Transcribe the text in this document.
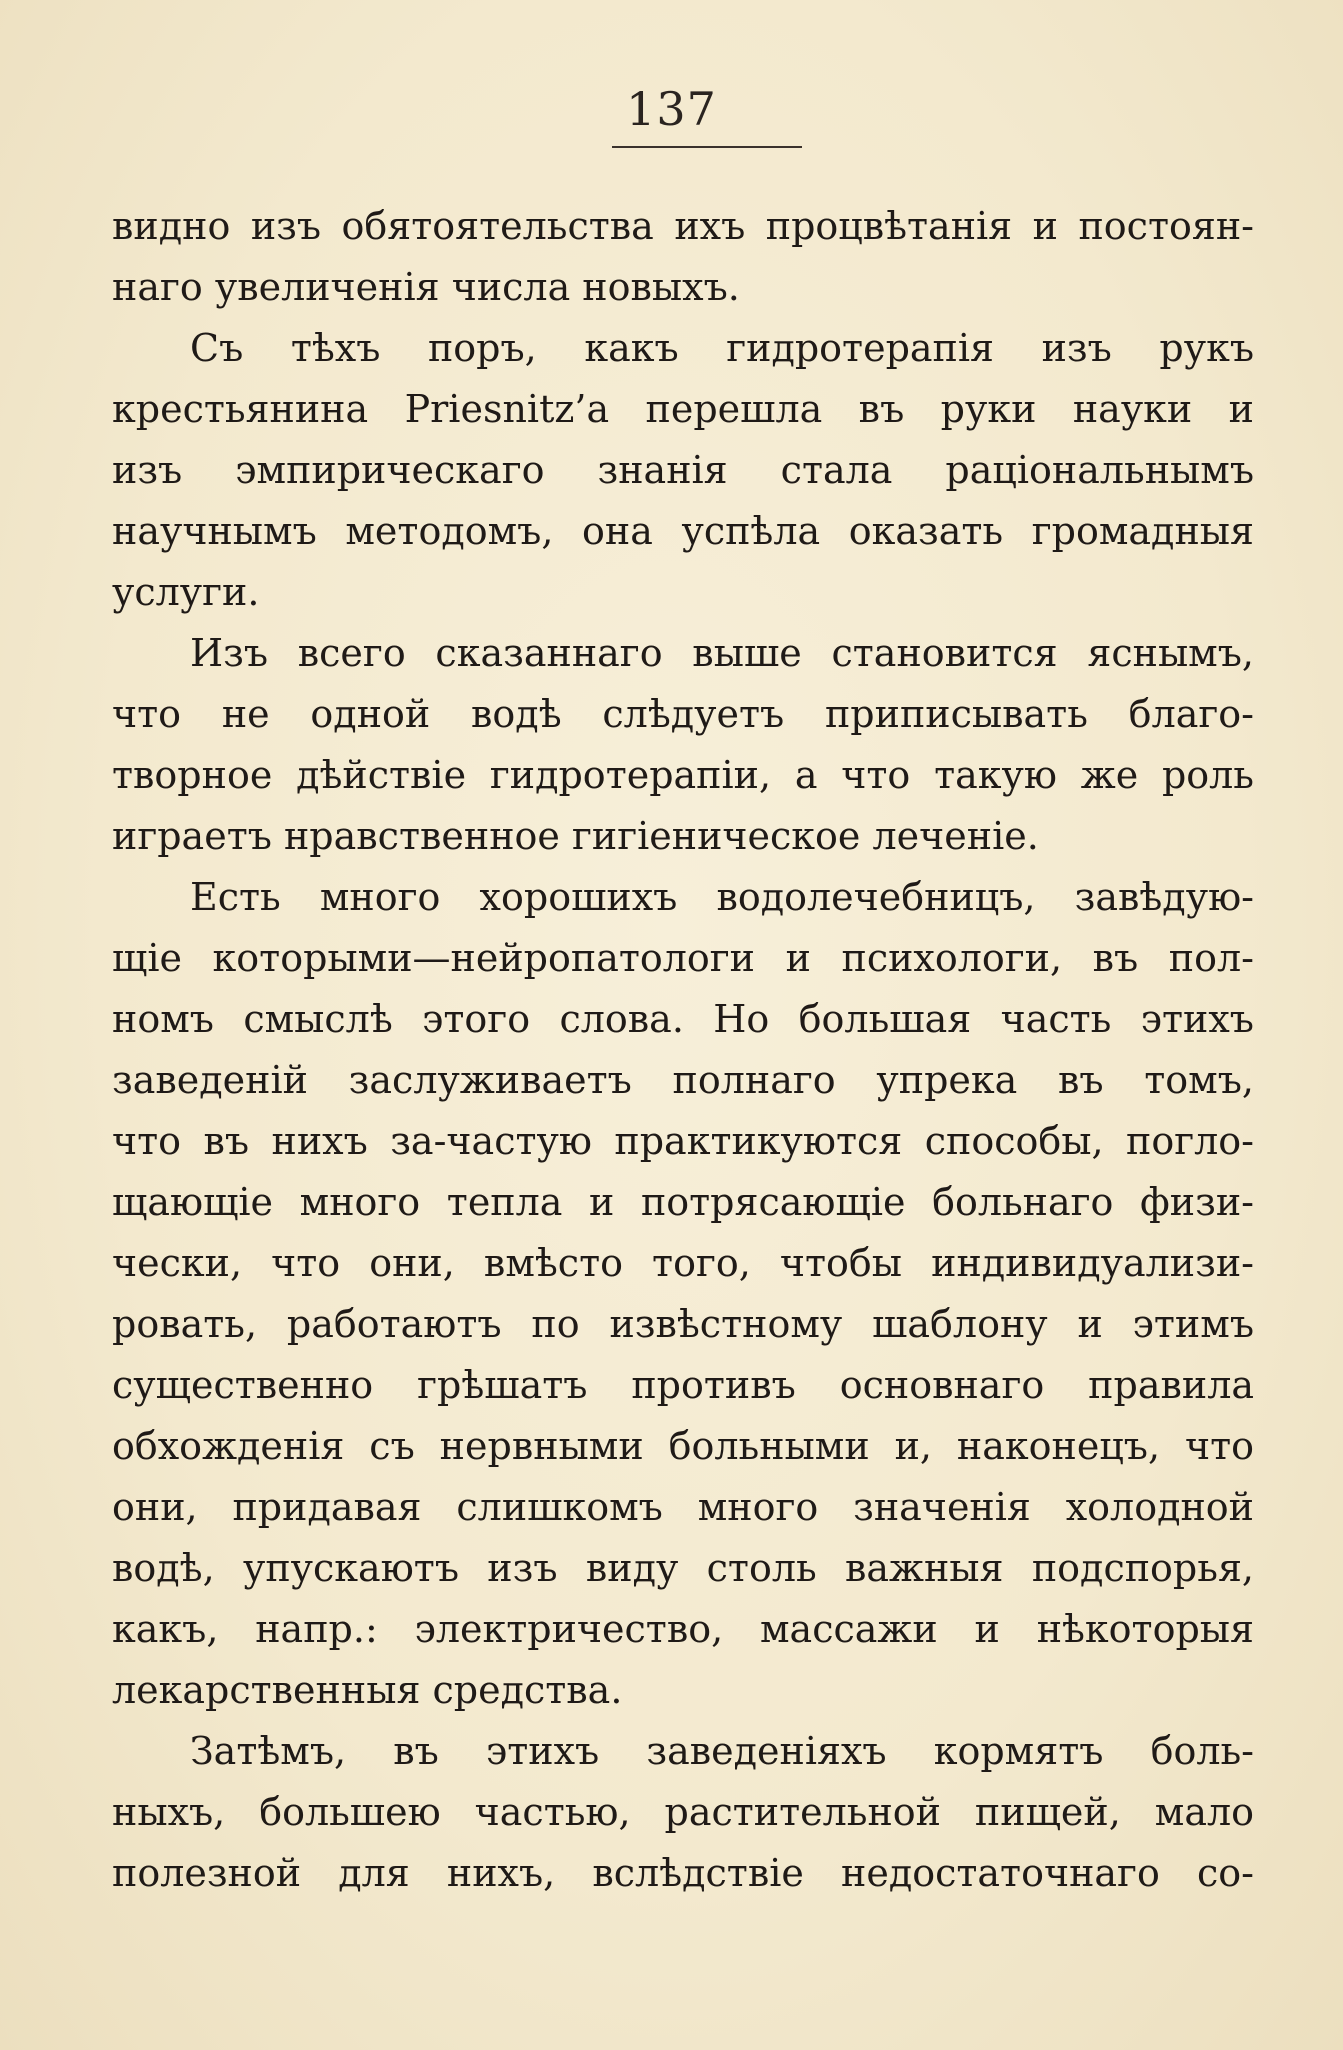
137
видно изъ обятоятельства ихъ процвѣтанія и постоян-
наго увеличенія числа новыхъ.
Съ тѣхъ поръ, какъ гидротерапія изъ рукъ
крестьянина Priesnitz’a перешла въ руки науки и
изъ эмпирическаго знанія стала раціональнымъ
научнымъ методомъ, она успѣла оказать громадныя
услуги.
Изъ всего сказаннаго выше становится яснымъ,
что не одной водѣ слѣдуетъ приписывать благо-
творное дѣйствіе гидротерапіи, а что такую же роль
играетъ нравственное гигіеническое леченіе.
Есть много хорошихъ водолечебницъ, завѣдую-
щіе которыми—нейропатологи и психологи, въ пол-
номъ смыслѣ этого слова. Но большая часть этихъ
заведеній заслуживаетъ полнаго упрека въ томъ,
что въ нихъ за-частую практикуются способы, погло-
щающіе много тепла и потрясающіе больнаго физи-
чески, что они, вмѣсто того, чтобы индивидуализи-
ровать, работаютъ по извѣстному шаблону и этимъ
существенно грѣшатъ противъ основнаго правила
обхожденія съ нервными больными и, наконецъ, что
они, придавая слишкомъ много значенія холодной
водѣ, упускаютъ изъ виду столь важныя подспорья,
какъ, напр.: электричество, массажи и нѣкоторыя
лекарственныя средства.
Затѣмъ, въ этихъ заведеніяхъ кормятъ боль-
ныхъ, большею частью, растительной пищей, мало
полезной для нихъ, вслѣдствіе недостаточнаго со-
